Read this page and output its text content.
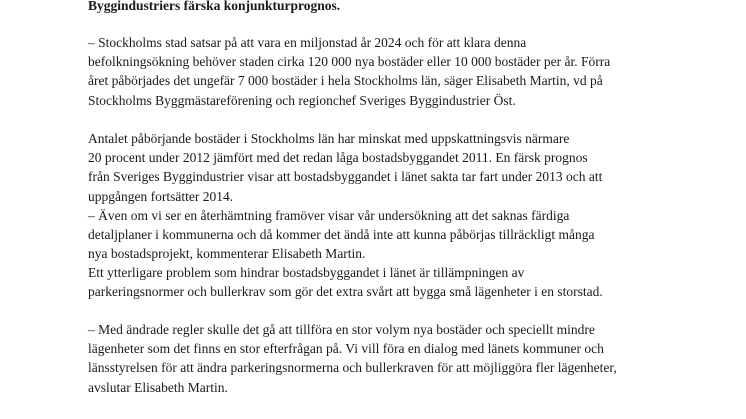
Byggindustriers färska konjunkturprognos.

– Stockholms stad satsar på att vara en miljonstad år 2024 och för att klara denna
befolkningsökning behöver staden cirka 120 000 nya bostäder eller 10 000 bostäder per år. Förra
året påbörjades det ungefär 7 000 bostäder i hela Stockholms län, säger Elisabeth Martin, vd på
Stockholms Byggmästareförening och regionchef Sveriges Byggindustrier Öst.

Antalet påbörjande bostäder i Stockholms län har minskat med uppskattningsvis närmare
20 procent under 2012 jämfört med det redan låga bostadsbyggandet 2011. En färsk prognos
från Sveriges Byggindustrier visar att bostadsbyggandet i länet sakta tar fart under 2013 och att
uppgången fortsätter 2014.

– Även om vi ser en återhämtning framöver visar vår undersökning att det saknas färdiga
detaljplaner i kommunerna och då kommer det ändå inte att kunna påbörjas tillräckligt många
nya bostadsprojekt, kommenterar Elisabeth Martin.

Ett ytterligare problem som hindrar bostadsbyggandet i länet är tillämpningen av
parkeringsnormer och bullerkrav som gör det extra svårt att bygga små lägenheter i en storstad.

– Med ändrade regler skulle det gå att tillföra en stor volym nya bostäder och speciellt mindre
lägenheter som det finns en stor efterfrågan på. Vi vill föra en dialog med länets kommuner och
länsstyrelsen för att ändra parkeringsnormerna och bullerkraven för att möjliggöra fler lägenheter,
avslutar Elisabeth Martin.
